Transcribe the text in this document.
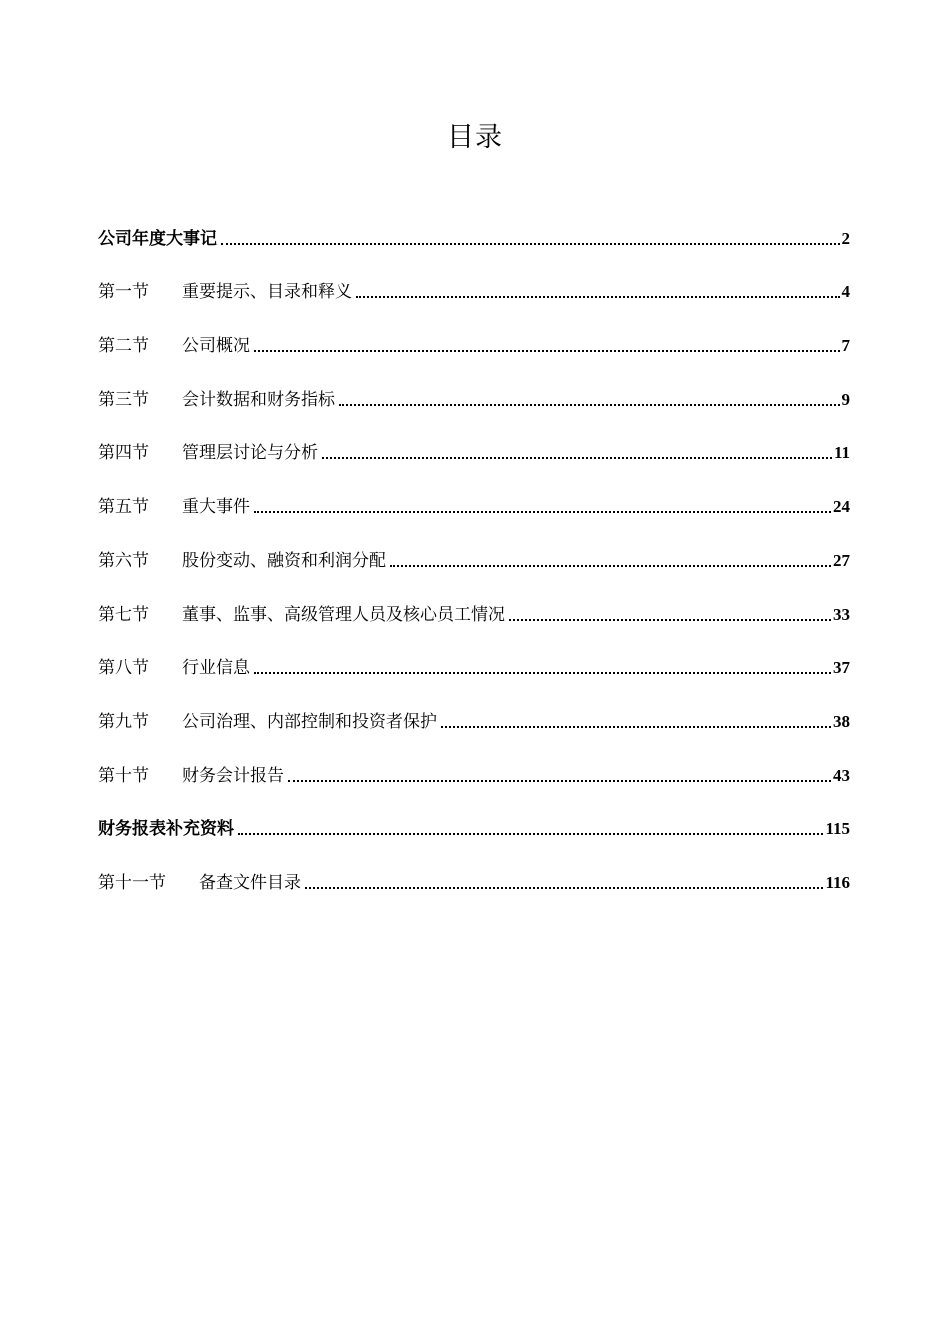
目录
公司年度大事记	2
第一节 重要提示、目录和释义	4
第二节 公司概况	7
第三节 会计数据和财务指标	9
第四节 管理层讨论与分析	11
第五节 重大事件	24
第六节 股份变动、融资和利润分配	27
第七节 董事、监事、高级管理人员及核心员工情况	33
第八节 行业信息	37
第九节 公司治理、内部控制和投资者保护	38
第十节 财务会计报告	43
财务报表补充资料	115
第十一节 备查文件目录	116
